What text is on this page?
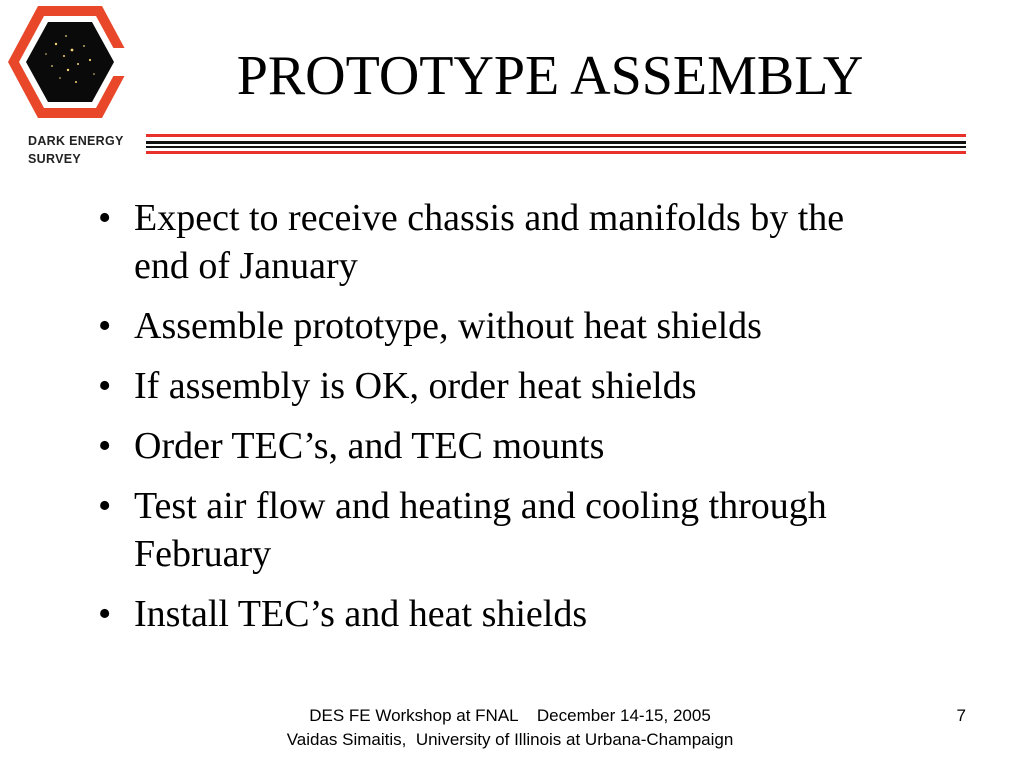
DARK ENERGY
SURVEY
PROTOTYPE ASSEMBLY
• Expect to receive chassis and manifolds by the end of January
• Assemble prototype, without heat shields
• If assembly is OK, order heat shields
• Order TEC’s, and TEC mounts
• Test air flow and heating and cooling through February
• Install TEC’s and heat shields
DES FE Workshop at FNAL    December 14-15, 2005
Vaidas Simaitis,  University of Illinois at Urbana-Champaign
7
